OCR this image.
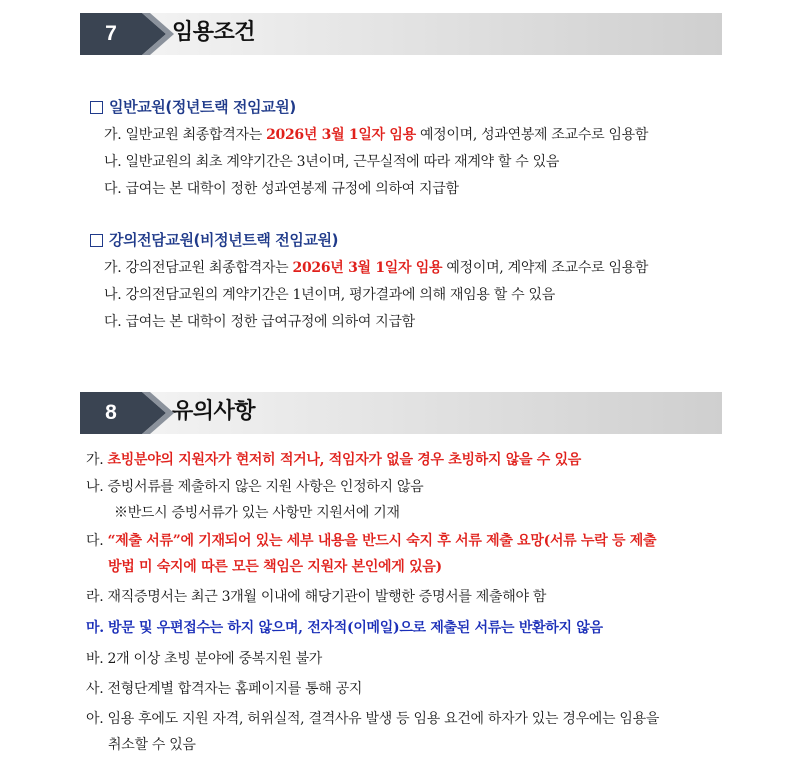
7	임용조건
일반교원(정년트랙 전임교원)
가. 일반교원 최종합격자는 2026년 3월 1일자 임용 예정이며, 성과연봉제 조교수로 임용함
나. 일반교원의 최초 계약기간은 3년이며, 근무실적에 따라 재계약 할 수 있음
다. 급여는 본 대학이 정한 성과연봉제 규정에 의하여 지급함
강의전담교원(비정년트랙 전임교원)
가. 강의전담교원 최종합격자는 2026년 3월 1일자 임용 예정이며, 계약제 조교수로 임용함
나. 강의전담교원의 계약기간은 1년이며, 평가결과에 의해 재임용 할 수 있음
다. 급여는 본 대학이 정한 급여규정에 의하여 지급함
8	유의사항
가. 초빙분야의 지원자가 현저히 적거나, 적임자가 없을 경우 초빙하지 않을 수 있음
나. 증빙서류를 제출하지 않은 지원 사항은 인정하지 않음
※반드시 증빙서류가 있는 사항만 지원서에 기재
다. “제출 서류”에 기재되어 있는 세부 내용을 반드시 숙지 후 서류 제출 요망(서류 누락 등 제출
방법 미 숙지에 따른 모든 책임은 지원자 본인에게 있음)
라. 재직증명서는 최근 3개월 이내에 해당기관이 발행한 증명서를 제출해야 함
마. 방문 및 우편접수는 하지 않으며, 전자적(이메일)으로 제출된 서류는 반환하지 않음
바. 2개 이상 초빙 분야에 중복지원 불가
사. 전형단계별 합격자는 홈페이지를 통해 공지
아. 임용 후에도 지원 자격, 허위실적, 결격사유 발생 등 임용 요건에 하자가 있는 경우에는 임용을
취소할 수 있음
